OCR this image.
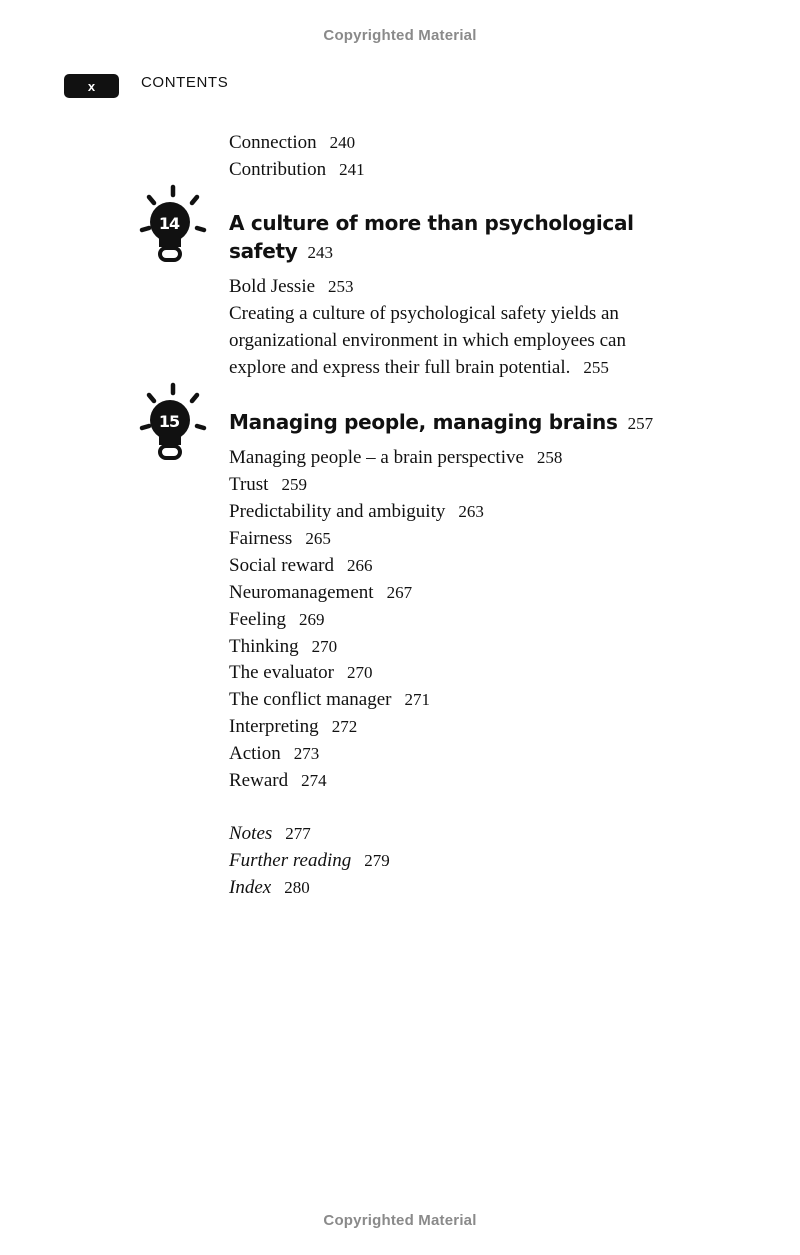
Copyrighted Material
x	CONTENTS
Connection 240
Contribution 241
14	A culture of more than psychological
safety 243
Bold Jessie 253
Creating a culture of psychological safety yields an
organizational environment in which employees can
explore and express their full brain potential. 255
15	Managing people, managing brains 257
Managing people – a brain perspective 258
Trust 259
Predictability and ambiguity 263
Fairness 265
Social reward 266
Neuromanagement 267
Feeling 269
Thinking 270
The evaluator 270
The conflict manager 271
Interpreting 272
Action 273
Reward 274
Notes 277
Further reading 279
Index 280
Copyrighted Material
